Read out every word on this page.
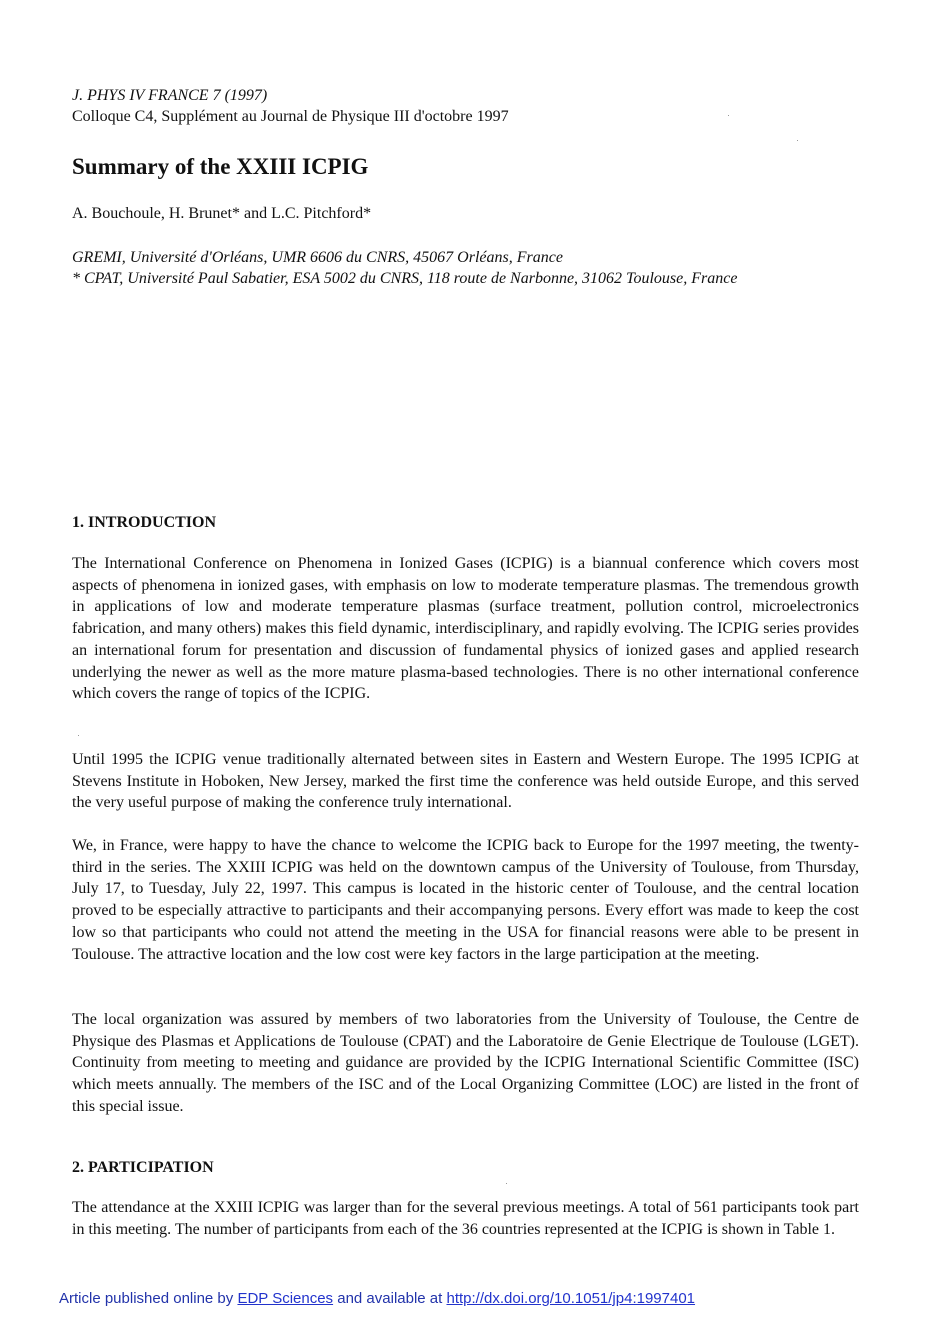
J. PHYS IV FRANCE 7 (1997)
Colloque C4, Supplément au Journal de Physique III d'octobre 1997
Summary of the XXIII ICPIG
A. Bouchoule, H. Brunet* and L.C. Pitchford*
GREMI, Université d'Orléans, UMR 6606 du CNRS, 45067 Orléans, France
* CPAT, Université Paul Sabatier, ESA 5002 du CNRS, 118 route de Narbonne, 31062 Toulouse, France
1. INTRODUCTION

The International Conference on Phenomena in Ionized Gases (ICPIG) is a biannual conference which covers most aspects of phenomena in ionized gases, with emphasis on low to moderate temperature plasmas. The tremendous growth in applications of low and moderate temperature plasmas (surface treatment, pollution control, microelectronics fabrication, and many others) makes this field dynamic, interdisciplinary, and rapidly evolving. The ICPIG series provides an international forum for presentation and discussion of fundamental physics of ionized gases and applied research underlying the newer as well as the more mature plasma-based technologies. There is no other international conference which covers the range of topics of the ICPIG.

Until 1995 the ICPIG venue traditionally alternated between sites in Eastern and Western Europe. The 1995 ICPIG at Stevens Institute in Hoboken, New Jersey, marked the first time the conference was held outside Europe, and this served the very useful purpose of making the conference truly international.

We, in France, were happy to have the chance to welcome the ICPIG back to Europe for the 1997 meeting, the twenty-third in the series. The XXIII ICPIG was held on the downtown campus of the University of Toulouse, from Thursday, July 17, to Tuesday, July 22, 1997. This campus is located in the historic center of Toulouse, and the central location proved to be especially attractive to participants and their accompanying persons. Every effort was made to keep the cost low so that participants who could not attend the meeting in the USA for financial reasons were able to be present in Toulouse. The attractive location and the low cost were key factors in the large participation at the meeting.

The local organization was assured by members of two laboratories from the University of Toulouse, the Centre de Physique des Plasmas et Applications de Toulouse (CPAT) and the Laboratoire de Genie Electrique de Toulouse (LGET). Continuity from meeting to meeting and guidance are provided by the ICPIG International Scientific Committee (ISC) which meets annually. The members of the ISC and of the Local Organizing Committee (LOC) are listed in the front of this special issue.

2. PARTICIPATION

The attendance at the XXIII ICPIG was larger than for the several previous meetings. A total of 561 participants took part in this meeting. The number of participants from each of the 36 countries represented at the ICPIG is shown in Table 1.

Article published online by EDP Sciences and available at http://dx.doi.org/10.1051/jp4:1997401
